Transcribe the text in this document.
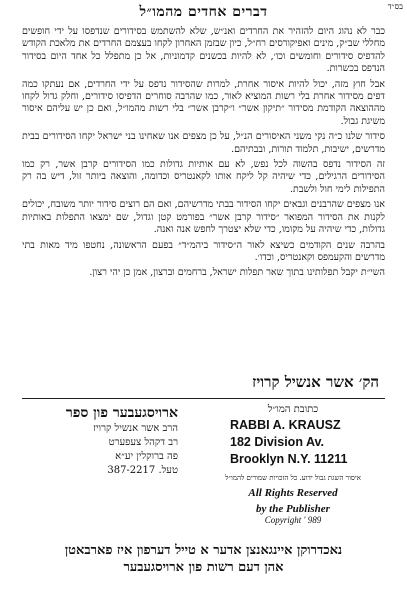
בס״ד
דברים אחדים מהמו״ל

כבר לא נהוג היום להזהיר את החרדים ואנ״ש, שלא להשתמש בסידורים שנדפסו על ידי חופשים מחללי שב״ק, מינים ואפיקורסים רח״ל, כיון שבזמן האחרון לקחו בעצמם החרדים את מלאכת הקודש להדפיס סידורים וחומשים וכו׳, לא להיות בכשנים קדמוניות, אל כן מתפלל כל אחד היום בסידור הנדפס בכשרות.

אבל חוץ מזה, יכול להיות איסור אחרת, למרות שהסידור נדפס על ידי החרדים, אם נעתקו כמה דפים מסידור אחרת בלי רשות המוציא לאור, כמו שהרבה סוחרים הדפיסו סידורים, וחלק גדול לקחו מההוצאה הקודמת מסידור ״תיקון אשר״ ו״קרבן אשר״ בלי רשות מהמו״ל, ואם כן יש עליהם איסור משיגת גבול.

סידור שלנו כ״ה נקי משני האיסורים הנ״ל, על כן מצפים אנו שאחינו בני ישראל יקחו הסידורים בבית מדרשים, ישיבות, תלמוד תורות, ובבתיהם.

זה הסידור נדפס בהשוה לכל נפש, לא עם אותיות גדולות כמו הסידורים קרבן אשר, רק כמו הסידורים הרגילים, כדי שיהיה קל ליקח אותו לקאנטריס וכדומה, והוצאה ביותר זול, דיש בה רק התפילות לימי חול ולשבת.

אנו מצפים שהרבנים וגבאים יקחו הסידור בבתי מדרשיהם, ואם הם רוצים סידור יותר משובח, יכולים לקנות את הסידור המפואר ״סידור קרבן אשר״ בפורמט קטן וגדול, שם ימצאו התפלות באותיות גדולות, כדי שיהיה על מקומו, כדי שלא יצטרך לחפש אנה ואנה.

בהרבה שנים הקודמים כשיצא לאור ה״סידור ביהמ״ד״ בפעם הראשונה, נחטפו מיד מאות בתי מדרשים והקעמפס וקאנטריס, וכדו׳.

השי״ת יקבל תפלותינו בתוך שאר תפלות ישראל, ברחמים וברצון, אמן כן יהי רצון.

הק׳ אשר אנשיל קרויז
כתובת המו״ל
RABBI A. KRAUSZ
182 Division Av.
Brooklyn N.Y. 11211
איסור השגת גבול ידוע. כל הזכויות שמורים להמו״ל
All Rights Reserved
by the Publisher
Copyright ' 989
ארויסגעבער פון ספר
הרב אשר אנשיל קרויז
רב דקהל צעפערט
פה ברוקלין יע״א
טעל. 387-2217
נאכדרוקן איינגאנצן אדער א טייל דערפון איז פארבאטן
אהן דעם רשות פון ארויסגעבער
